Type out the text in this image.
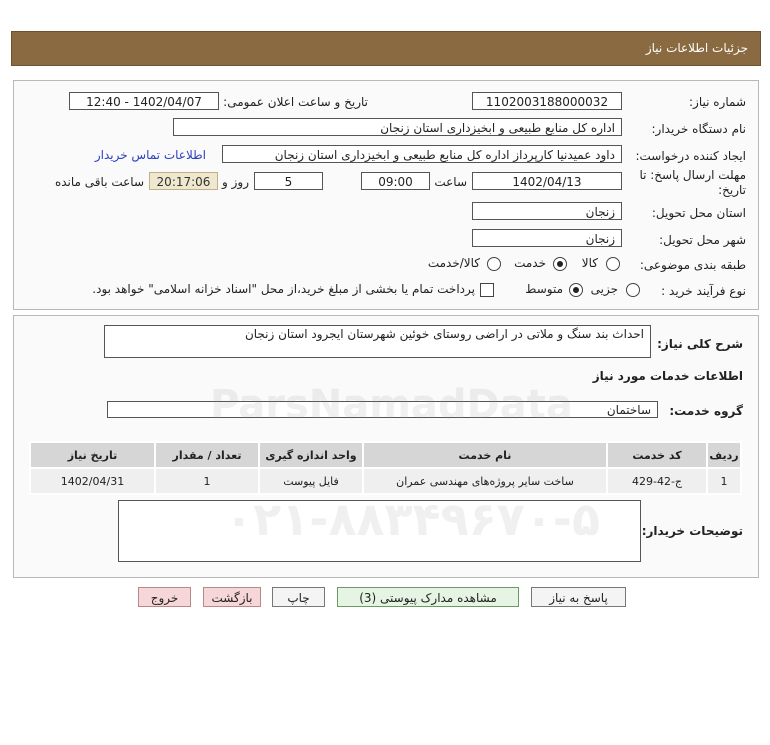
جزئیات اطلاعات نیاز
شماره نیاز:
1102003188000032
تاریخ و ساعت اعلان عمومی:
1402/04/07 - 12:40
نام دستگاه خریدار:
اداره کل منابع طبیعی و ابخیزداری استان زنجان
ایجاد کننده درخواست:
داود عمیدنیا کارپرداز اداره کل منابع طبیعی و ابخیزداری استان زنجان
اطلاعات تماس خریدار
مهلت ارسال پاسخ: تا
تاریخ:
1402/04/13
ساعت
09:00
5
روز و
20:17:06
ساعت باقی مانده
استان محل تحویل:
زنجان
شهر محل تحویل:
زنجان
طبقه بندی موضوعی:
کالا
خدمت
کالا/خدمت
نوع فرآیند خرید :
جزیی
متوسط
پرداخت تمام یا بخشی از مبلغ خرید،از محل "اسناد خزانه اسلامی" خواهد بود.
شرح کلی نیاز:
احداث بند سنگ و ملاتی در اراضی روستای خوئین شهرستان ایجرود استان زنجان
اطلاعات خدمات مورد نیاز
گروه خدمت:
ساختمان
ردیف	کد خدمت	نام خدمت	واحد اندازه گیری	تعداد / مقدار	تاریخ نیاز
1	ج-42-429	ساخت سایر پروژه‌های مهندسی عمران	فایل پیوست	1	1402/04/31
توضیحات خریدار:
پاسخ به نیاز
مشاهده مدارک پیوستی (3)
چاپ
بازگشت
خروج
